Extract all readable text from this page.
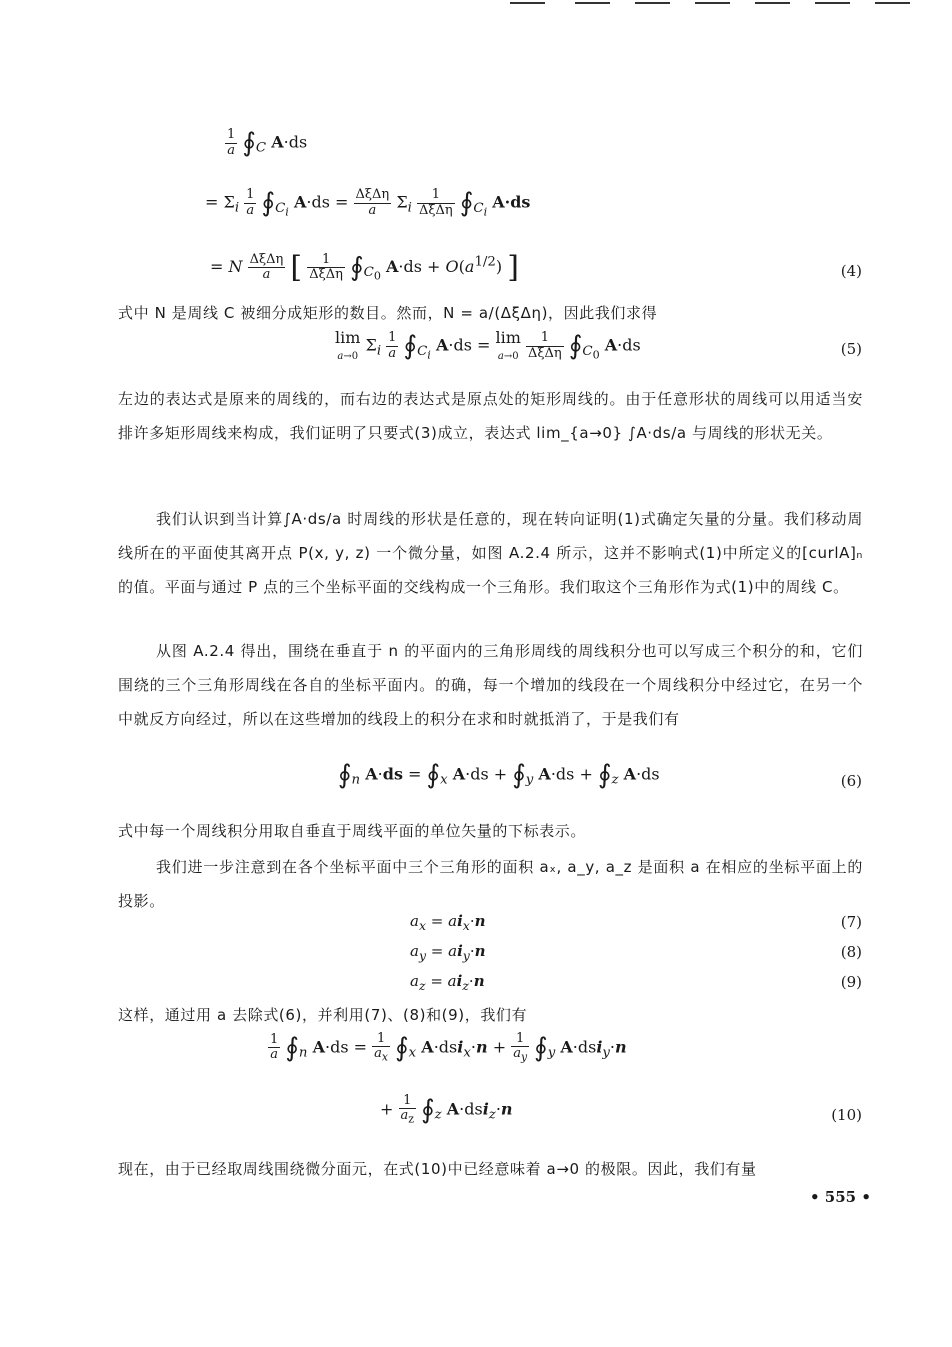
$\frac{1}{a}$ $∮_C$ A·ds
= $\Sigma_i \frac{1}{a}$ $∮_{C_i}$ $A\cdot ds = \frac{\text{ΔξΔη}}{a} \Sigma_i \frac{1}{\text{ΔξΔη}}$ $∮_{C_i}$ A·ds
= N $\frac{\text{ΔξΔη}}{a}$ [ $\frac{1}{\text{ΔξΔη}}$ $∮_{C_0}$ $A\cdot ds + O(a^{1/2})$ ]	(4)
式中 N 是周线 C 被细分成矩形的数目。然而，N = a/(ΔξΔη)，因此我们求得
lim
a→0 $\Sigma_i \frac{1}{a}$ $∮_{C_i}$ A·ds = lim
$a\to 0 \frac{1}{\text{ΔξΔη}}$ $∮_{C_0}$ A·ds	(5)
左边的表达式是原来的周线的，而右边的表达式是原点处的矩形周线的。由于任意形状的周线可以用适当安排许多矩形周线来构成，我们证明了只要式(3)成立，表达式 lim_{a→0} ∫A·ds/a 与周线的形状无关。
我们认识到当计算∫A·ds/a 时周线的形状是任意的，现在转向证明(1)式确定矢量的分量。我们移动周线所在的平面使其离开点 P(x, y, z) 一个微分量，如图 A.2.4 所示，这并不影响式(1)中所定义的[curlA]ₙ的值。平面与通过 P 点的三个坐标平面的交线构成一个三角形。我们取这个三角形作为式(1)中的周线 C。
从图 A.2.4 得出，围绕在垂直于 n 的平面内的三角形周线的周线积分也可以写成三个积分的和，它们围绕的三个三角形周线在各自的坐标平面内。的确，每一个增加的线段在一个周线积分中经过它，在另一个中就反方向经过，所以在这些增加的线段上的积分在求和时就抵消了，于是我们有
$∮_n$ $A\cdot ds = ∮_x$ $A\cdot ds + ∮_y$ $A\cdot ds + ∮_z$ A·ds	(6)
式中每一个周线积分用取自垂直于周线平面的单位矢量的下标表示。
我们进一步注意到在各个坐标平面中三个三角形的面积 aₓ, a_y, a_z 是面积 a 在相应的坐标平面上的投影。
$a_x = ai_x\cdot n$	(7)
$a_y = ai_y\cdot n$	(8)
$a_z = ai_z\cdot n$	(9)
这样，通过用 a 去除式(6)，并利用(7)、(8)和(9)，我们有
$\frac{1}{a}$ $∮_n$ $A\cdot ds = \frac{1}{a_x}$ $∮_x$ $A\cdot dsi_x\cdot n + \frac{1}{a_y}$ $∮_y$ A·dsi$_y$·n
+ $\frac{1}{a_z}$ $∮_z$ A·dsi$_z$·n	(10)
现在，由于已经取周线围绕微分面元，在式(10)中已经意味着 a→0 的极限。因此，我们有量
• 555 •
